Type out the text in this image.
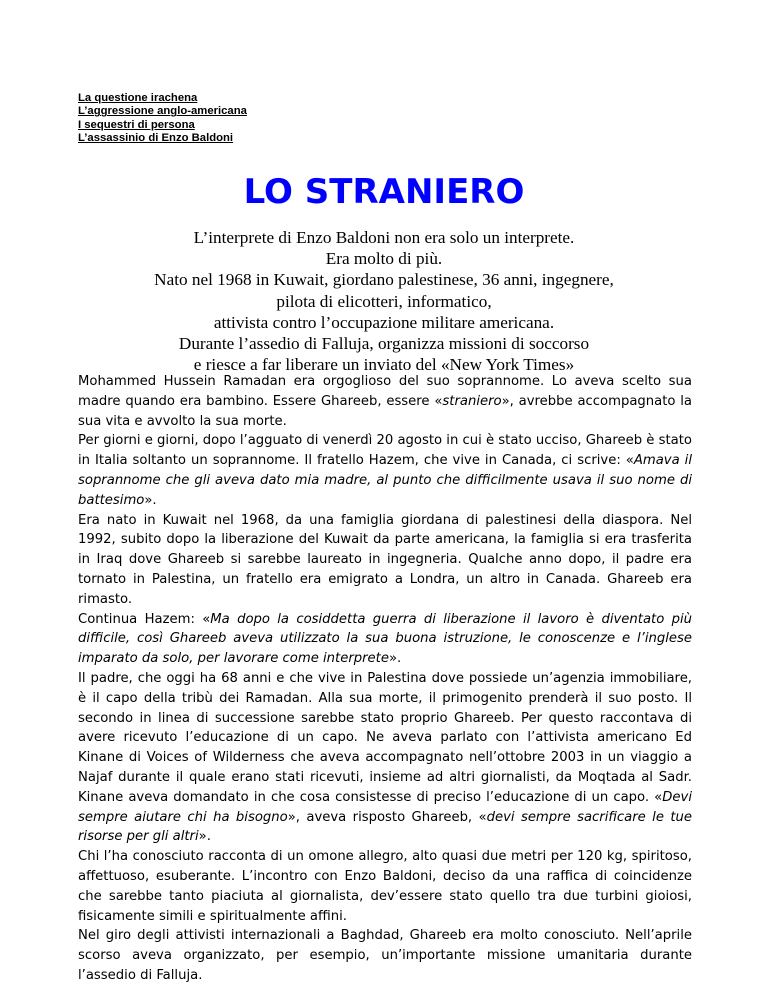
La questione irachena
L’aggressione anglo-americana
I sequestri di persona
L’assassinio di Enzo Baldoni
LO STRANIERO
L’interprete di Enzo Baldoni non era solo un interprete.
Era molto di più.
Nato nel 1968 in Kuwait, giordano palestinese, 36 anni, ingegnere,
pilota di elicotteri, informatico,
attivista contro l’occupazione militare americana.
Durante l’assedio di Falluja, organizza missioni di soccorso
e riesce a far liberare un inviato del «New York Times»

Mohammed Hussein Ramadan era orgoglioso del suo soprannome. Lo aveva scelto sua madre quando era bambino. Essere Ghareeb, essere «straniero», avrebbe accompagnato la sua vita e avvolto la sua morte.

Per giorni e giorni, dopo l’agguato di venerdì 20 agosto in cui è stato ucciso, Ghareeb è stato in Italia soltanto un soprannome. Il fratello Hazem, che vive in Canada, ci scrive: «Amava il soprannome che gli aveva dato mia madre, al punto che difficilmente usava il suo nome di battesimo».

Era nato in Kuwait nel 1968, da una famiglia giordana di palestinesi della diaspora. Nel 1992, subito dopo la liberazione del Kuwait da parte americana, la famiglia si era trasferita in Iraq dove Ghareeb si sarebbe laureato in ingegneria. Qualche anno dopo, il padre era tornato in Palestina, un fratello era emigrato a Londra, un altro in Canada. Ghareeb era rimasto.

Continua Hazem: «Ma dopo la cosiddetta guerra di liberazione il lavoro è diventato più difficile, così Ghareeb aveva utilizzato la sua buona istruzione, le conoscenze e l’inglese imparato da solo, per lavorare come interprete».

Il padre, che oggi ha 68 anni e che vive in Palestina dove possiede un’agenzia immobiliare, è il capo della tribù dei Ramadan. Alla sua morte, il primogenito prenderà il suo posto. Il secondo in linea di successione sarebbe stato proprio Ghareeb. Per questo raccontava di avere ricevuto l’educazione di un capo. Ne aveva parlato con l’attivista americano Ed Kinane di Voices of Wilderness che aveva accompagnato nell’ottobre 2003 in un viaggio a Najaf durante il quale erano stati ricevuti, insieme ad altri giornalisti, da Moqtada al Sadr. Kinane aveva domandato in che cosa consistesse di preciso l’educazione di un capo. «Devi sempre aiutare chi ha bisogno», aveva risposto Ghareeb, «devi sempre sacrificare le tue risorse per gli altri».

Chi l’ha conosciuto racconta di un omone allegro, alto quasi due metri per 120 kg, spiritoso, affettuoso, esuberante. L’incontro con Enzo Baldoni, deciso da una raffica di coincidenze che sarebbe tanto piaciuta al giornalista, dev’essere stato quello tra due turbini gioiosi, fisicamente simili e spiritualmente affini.

Nel giro degli attivisti internazionali a Baghdad, Ghareeb era molto conosciuto. Nell’aprile scorso aveva organizzato, per esempio, un’importante missione umanitaria durante l’assedio di Falluja.
